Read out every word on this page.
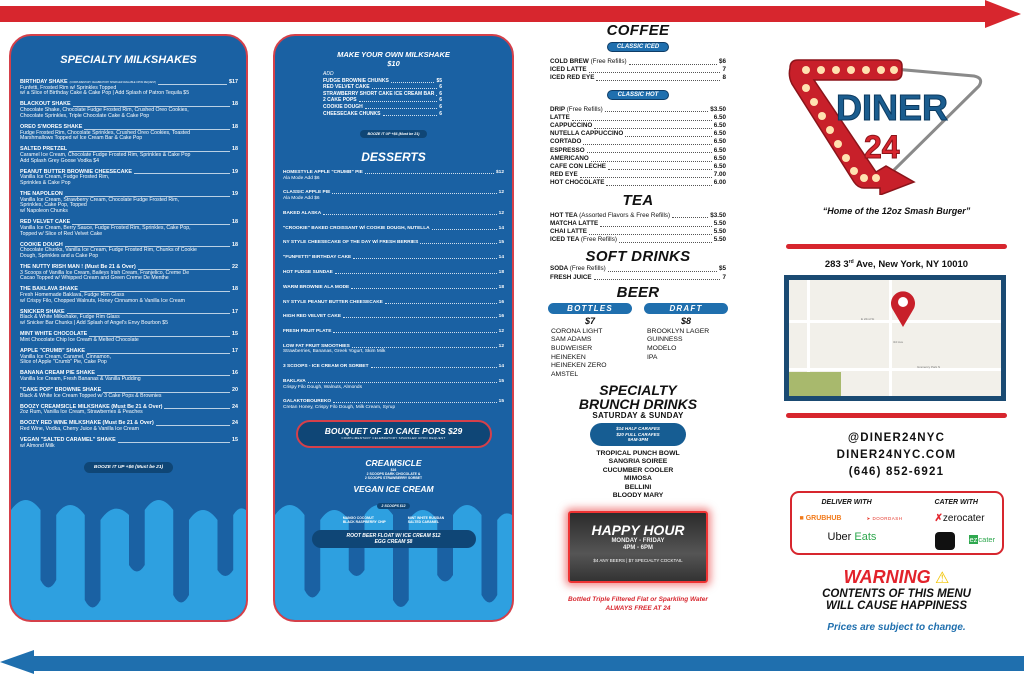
SPECIALTY MILKSHAKES
BIRTHDAY SHAKE (COMPLIMENTARY CELEBRATORY SPARKLER AVAILABLE UPON REQUEST)	$17
Funfetti, Frosted Rim w/ Sprinkles Topped
w/ a Slice of Birthday Cake & Cake Pop | Add Splash of Patron Tequila $5
BLACKOUT SHAKE	18
Chocolate Shake, Chocolate Fudge Frosted Rim, Crushed Oreo Cookies,
Chocolate Sprinkles, Triple Chocolate Cake & Cake Pop
OREO S'MORES SHAKE	18
Fudge Frosted Rim, Chocolate Sprinkles, Crushed Oreo Cookies, Toasted
Marshmallows Topped w/ Ice Cream Bar & Cake Pop
SALTED PRETZEL	18
Caramel Ice Cream, Chocolate Fudge Frosted Rim, Sprinkles & Cake Pop
Add Splash Grey Goose Vodka $4
PEANUT BUTTER BROWNIE CHEESECAKE	19
Vanilla Ice Cream, Fudge Frosted Rim,
Sprinkles & Cake Pop
THE NAPOLEON	19
Vanilla Ice Cream, Strawberry Cream, Chocolate Fudge Frosted Rim,
Sprinkles, Cake Pop, Topped
w/ Napoleon Chunks
RED VELVET CAKE	18
Vanilla Ice Cream, Berry Sauce, Fudge Frosted Rim, Sprinkles, Cake Pop,
Topped w/ Slice of Red Velvet Cake
COOKIE DOUGH	18
Chocolate Chunks, Vanilla Ice Cream, Fudge Frosted Rim, Chunks of Cookie
Dough, Sprinkles and a Cake Pop
THE NUTTY IRISH MAN ! (Must Be 21 & Over)	22
3 Scoops of Vanilla Ice Cream, Baileys Irish Cream, Franjelico, Creme De
Cacao Topped w/ Whipped Cream and Green Creme De Menthe
THE BAKLAVA SHAKE	18
Fresh Homemade Baklava, Fudge Rim Glass
w/ Crispy Filo, Chopped Walnuts, Honey Cinnamon & Vanilla Ice Cream
SNICKER SHAKE	17
Black & White Milkshake, Fudge Rim Glass
w/ Snicker Bar Chunks | Add Splash of Angel's Envy Bourbon $5
MINT WHITE CHOCOLATE	15
Mint Chocolate Chip Ice Cream & Melted Chocolate
APPLE "CRUMB" SHAKE	17
Vanilla Ice Cream, Caramel, Cinnamon,
Slice of Apple "Crumb" Pie, Cake Pop
BANANA CREAM PIE SHAKE	16
Vanilla Ice Cream, Fresh Bananas & Vanilla Pudding
"CAKE POP" BROWNIE SHAKE	20
Black & White Ice Cream Topped w/ 3 Cake Pops & Brownies
BOOZY CREAMSICLE MILKSHAKE (Must Be 21 & Over)	24
2oz Rum, Vanilla Ice Cream, Strawberries & Peaches
BOOZY RED WINE MILKSHAKE (Must Be 21 & Over)	24
Red Wine, Vodka, Cherry Juice & Vanilla Ice Cream
VEGAN "SALTED CARAMEL" SHAKE	15
w/ Almond Milk
BOOZE IT UP +$6 (Must be 21)
MAKE YOUR OWN MILKSHAKE
$10
ADD
FUDGE BROWNIE CHUNKS	$5
RED VELVET CAKE	6
STRAWBERRY SHORT CAKE ICE CREAM BAR 6
2 CAKE POPS	6
COOKIE DOUGH	6
CHEESECAKE CHUNKS	6
BOOZE IT UP +$6 (Must be 21)
DESSERTS
HOMESTYLE APPLE "CRUMB" PIE	$12
Ala Mode Add $6
CLASSIC APPLE PIE	12
Ala Mode Add $6
BAKED ALASKA	12
"CROOKIE" BAKED CROISSANT W/ COOKIE DOUGH, NUTELLA	14
NY STYLE CHEESECAKE OF THE DAY W/ FRESH BERRIES	15
"FUNFETTI" BIRTHDAY CAKE	14
HOT FUDGE SUNDAE	18
WARM BROWNIE ALA MODE	18
NY STYLE PEANUT BUTTER CHEESECAKE	16
HIGH RED VELVET CAKE	16
FRESH FRUIT PLATE	12
LOW FAT FRUIT SMOOTHIES	12
Strawberries, Bananas, Greek Yogurt, Skim Milk
3 SCOOPS - ICE CREAM OR SORBET	14
BAKLAVA	15
Crispy Filo Dough, Walnuts, Almonds
GALAKTOBOUREKO	15
Cretan Honey, Crispy Filo Dough, Milk Cream, Syrup
BOUQUET OF 10 CAKE POPS $29
COMPLIMENTARY CELEBRATORY SPARKLER UPON REQUEST
CREAMSICLE
$16
2 SCOOPS DARK CHOCOLATE &
2 SCOOPS STRAWBERRY SORBET
VEGAN ICE CREAM
2 SCOOPS $12
MANGO COCONUT
BLACK RASPBERRY CHIP
MINT WHITE RUSSIAN
SALTED CARAMEL
ROOT BEER FLOAT W/ ICE CREAM $12
EGG CREAM $8
COFFEE
CLASSIC ICED
COLD BREW (Free Refills)	$6
ICED LATTE	7
ICED RED EYE	8
CLASSIC HOT
DRIP (Free Refills)	$3.50
LATTE	6.50
CAPPUCCINO	6.50
NUTELLA CAPPUCCINO	6.50
CORTADO	6.50
ESPRESSO	6.50
AMERICANO	6.50
CAFE CON LECHE	6.50
RED EYE	7.00
HOT CHOCOLATE	6.00
TEA
HOT TEA (Assorted Flavors & Free Refills)	$3.50
MATCHA LATTE	5.50
CHAI LATTE	5.50
ICED TEA (Free Refills)	5.50
SOFT DRINKS
SODA (Free Refills)	$5
FRESH JUICE	7
BEER
BOTTLES
$7
CORONA LIGHT
SAM ADAMS
BUDWEISER
HEINEKEN
HEINEKEN ZERO
AMSTEL
DRAFT
$8
BROOKLYN LAGER
GUINNESS
MODELO
IPA
SPECIALTY
BRUNCH DRINKS
SATURDAY & SUNDAY
$14 HALF CARAFES
$20 FULL CARAFES
9AM-3PM
TROPICAL PUNCH BOWL
SANGRIA SOIREE
CUCUMBER COOLER
MIMOSA
BELLINI
BLOODY MARY
HAPPY HOUR
MONDAY - FRIDAY
4PM - 6PM
$4 ANY BEERS | $7 SPECIALTY COCKTAIL
Bottled Triple Filtered Flat or Sparkling Water
ALWAYS FREE AT 24
DINER
24
“Home of the 12oz Smash Burger”
283 3rd Ave, New York, NY 10010
E 22nd St
3rd Ave
Gramercy Park N
@DINER24NYC
DINER24NYC.COM
(646) 852-6921
DELIVER WITH	CATER WITH
■ GRUBHUB	➤ DOORDASH
Uber Eats
✗zerocater
ezcater
WARNING ⚠
CONTENTS OF THIS MENU
WILL CAUSE HAPPINESS
Prices are subject to change.
